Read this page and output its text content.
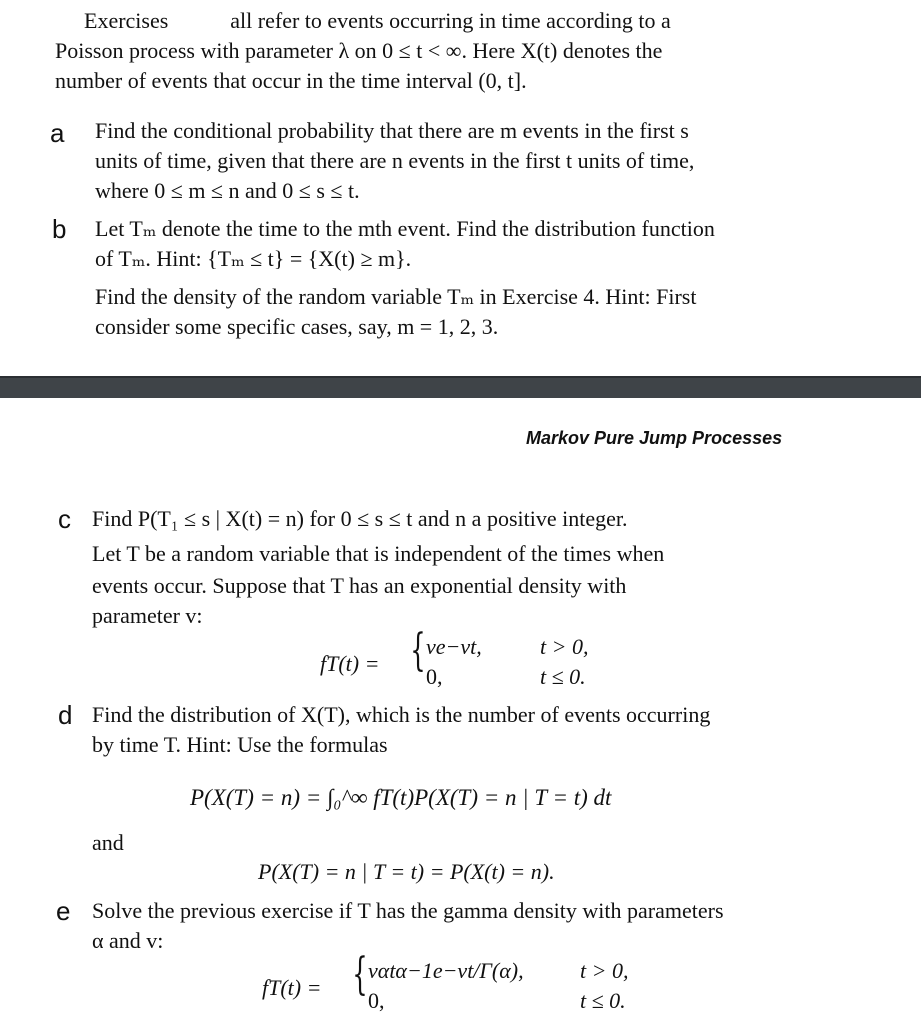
Exercises	all refer to events occurring in time according to a
Poisson process with parameter λ on 0 ≤ t < ∞. Here X(t) denotes the
number of events that occur in the time interval (0, t].
a Find the conditional probability that there are m events in the first s
units of time, given that there are n events in the first t units of time,
where 0 ≤ m ≤ n and 0 ≤ s ≤ t.
b Let Tₘ denote the time to the mth event. Find the distribution function
of Tₘ. Hint: {Tₘ ≤ t} = {X(t) ≥ m}.
Find the density of the random variable Tₘ in Exercise 4. Hint: First
consider some specific cases, say, m = 1, 2, 3.
Markov Pure Jump Processes
c Find P(T₁ ≤ s | X(t) = n) for 0 ≤ s ≤ t and n a positive integer.
Let T be a random variable that is independent of the times when
events occur. Suppose that T has an exponential density with
parameter v:
fT(t) = { ve−vt,
0,
t > 0,
t ≤ 0.
d Find the distribution of X(T), which is the number of events occurring
by time T. Hint: Use the formulas
P(X(T) = n) = ∫₀^∞ fT(t)P(X(T) = n | T = t) dt
and
P(X(T) = n | T = t) = P(X(t) = n).
e Solve the previous exercise if T has the gamma density with parameters
α and v:
fT(t) = { vαtα−1e−vt/Γ(α),
0,
t > 0,
t ≤ 0.
